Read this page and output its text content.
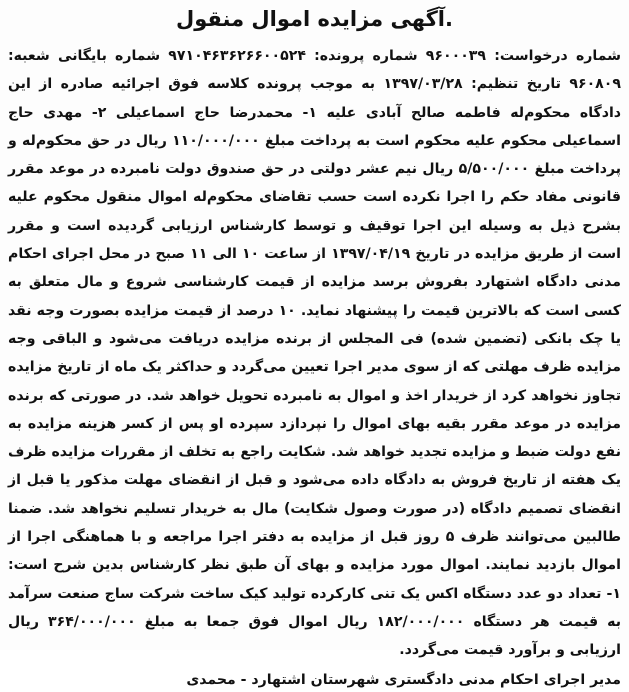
.آگهی مزایده اموال منقول

شماره درخواست: ۹۶۰۰۰۳۹ شماره پرونده: ۹۷۱۰۴۶۳۶۲۶۶۰۰۵۲۴ شماره بایگانی شعبه: ۹۶۰۸۰۹ تاریخ تنظیم: ۱۳۹۷/۰۳/۲۸ به موجب پرونده کلاسه فوق اجرائیه صادره از این دادگاه محکوم‌له فاطمه صالح آبادی علیه ۱- محمدرضا حاج اسماعیلی ۲- مهدی حاج اسماعیلی محکوم علیه محکوم است به پرداخت مبلغ ۱۱۰/۰۰۰/۰۰۰ ریال در حق محکوم‌له و پرداخت مبلغ ۵/۵۰۰/۰۰۰ ریال نیم عشر دولتی در حق صندوق دولت نامبرده در موعد مقرر قانونی مفاد حکم را اجرا نکرده است حسب تقاضای محکوم‌له اموال منقول محکوم علیه بشرح ذیل به وسیله این اجرا توقیف و توسط کارشناس ارزیابی گردیده است و مقرر است از طریق مزایده در تاریخ ۱۳۹۷/۰۴/۱۹ از ساعت ۱۰ الی ۱۱ صبح در محل اجرای احکام مدنی دادگاه اشتهارد بفروش برسد مزایده از قیمت کارشناسی شروع و مال متعلق به کسی است که بالاترین قیمت را پیشنهاد نماید. ۱۰ درصد از قیمت مزایده بصورت وجه نقد یا چک بانکی (تضمین شده) فی المجلس از برنده مزایده دریافت می‌شود و الباقی وجه مزایده ظرف مهلتی که از سوی مدیر اجرا تعیین می‌گردد و حداکثر یک ماه از تاریخ مزایده تجاوز نخواهد کرد از خریدار اخذ و اموال به نامبرده تحویل خواهد شد. در صورتی که برنده مزایده در موعد مقرر بقیه بهای اموال را نپردازد سپرده او پس از کسر هزینه مزایده به نفع دولت ضبط و مزایده تجدید خواهد شد. شکایت راجع به تخلف از مقررات مزایده ظرف یک هفته از تاریخ فروش به دادگاه داده می‌شود و قبل از انقضای مهلت مذکور یا قبل از انقضای تصمیم دادگاه (در صورت وصول شکایت) مال به خریدار تسلیم نخواهد شد. ضمنا طالبین می‌توانند ظرف ۵ روز قبل از مزایده به دفتر اجرا مراجعه و با هماهنگی اجرا از اموال بازدید نمایند. اموال مورد مزایده و بهای آن طبق نظر کارشناس بدین شرح است: ۱- تعداد دو عدد دستگاه اکس یک تنی کارکرده تولید کیک ساخت شرکت ساج صنعت سرآمد به قیمت هر دستگاه ۱۸۲/۰۰۰/۰۰۰ ریال اموال فوق جمعا به مبلغ ۳۶۴/۰۰۰/۰۰۰ ریال ارزیابی و برآورد قیمت می‌گردد.

مدیر اجرای احکام مدنی دادگستری شهرستان اشتهارد - محمدی
